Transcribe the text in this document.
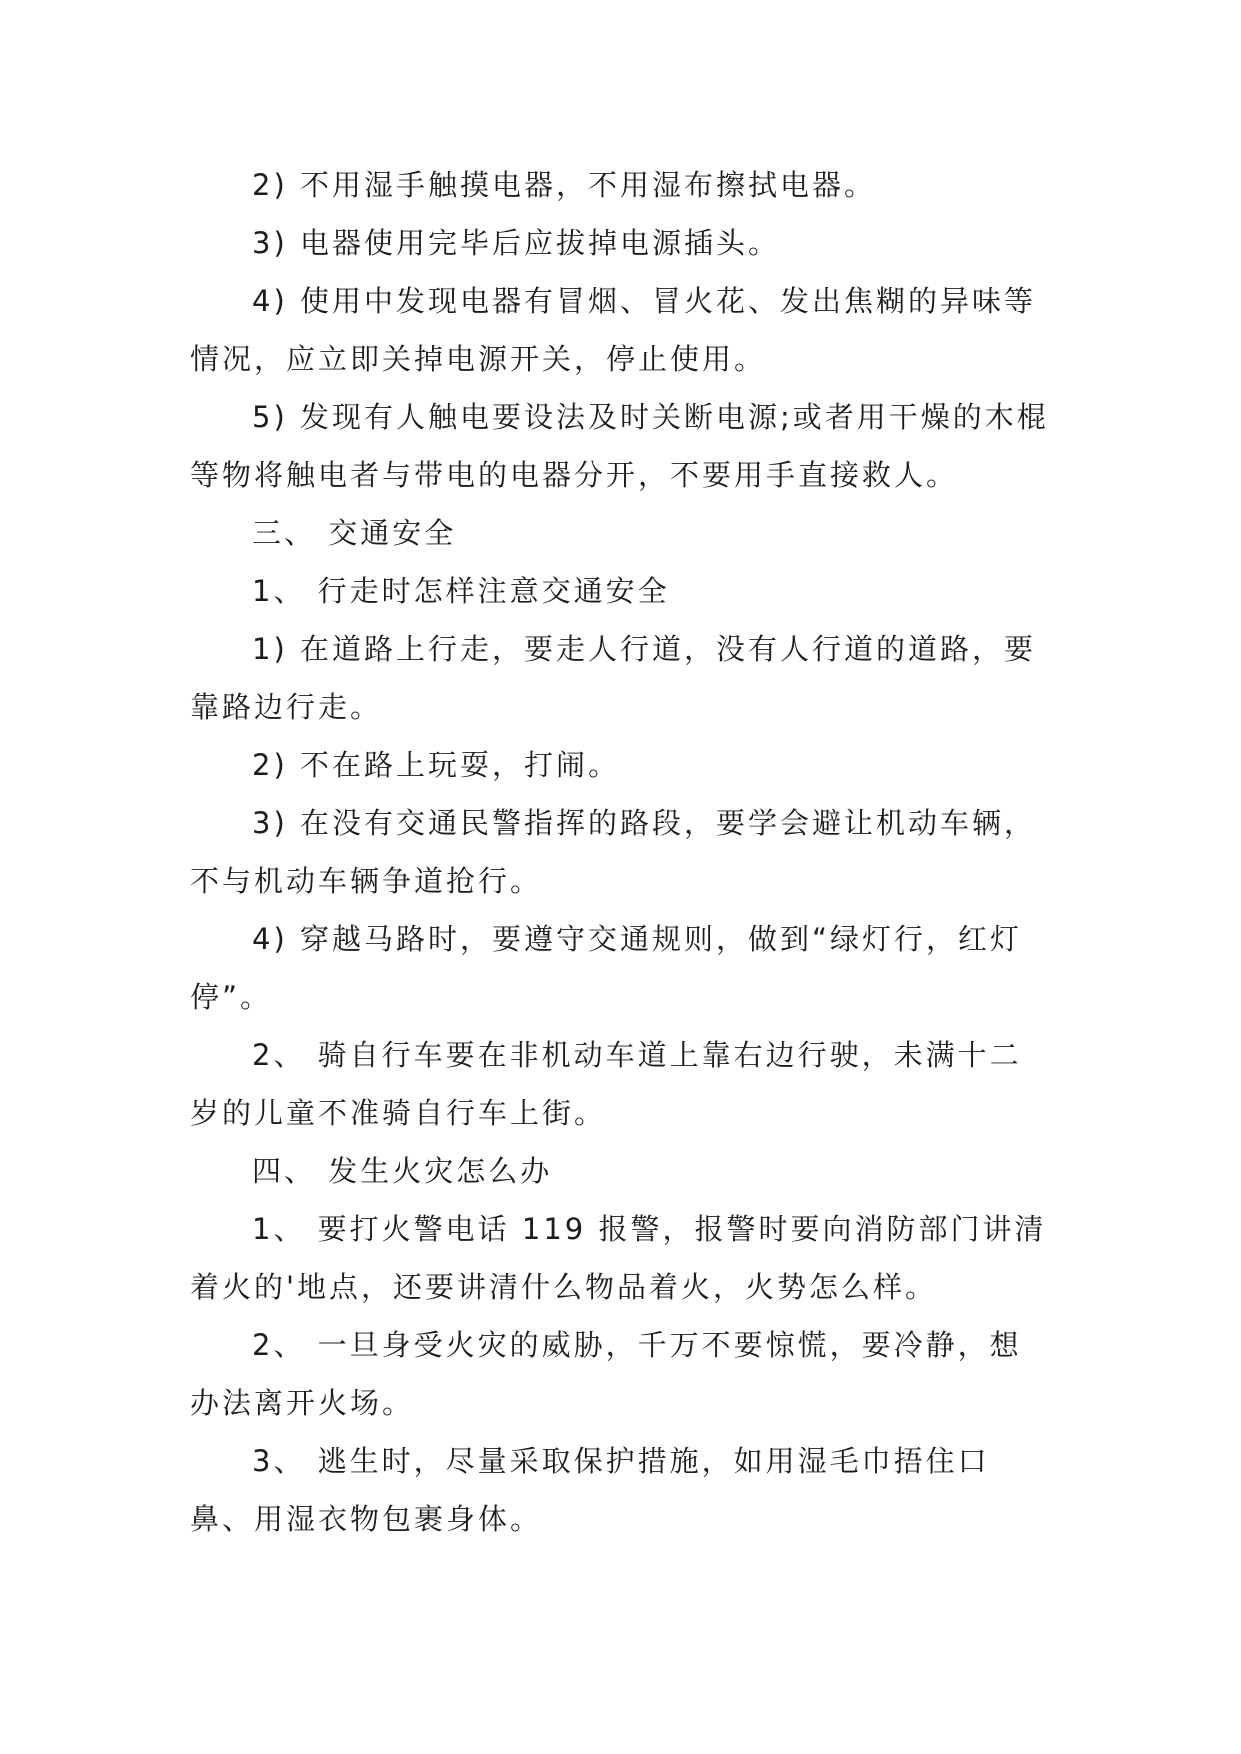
2) 不用湿手触摸电器，不用湿布擦拭电器。

3) 电器使用完毕后应拔掉电源插头。

4) 使用中发现电器有冒烟、冒火花、发出焦糊的异味等情况，应立即关掉电源开关，停止使用。

5) 发现有人触电要设法及时关断电源;或者用干燥的木棍等物将触电者与带电的电器分开，不要用手直接救人。

三、 交通安全

1、 行走时怎样注意交通安全

1) 在道路上行走，要走人行道，没有人行道的道路，要靠路边行走。

2) 不在路上玩耍，打闹。

3) 在没有交通民警指挥的路段，要学会避让机动车辆，不与机动车辆争道抢行。

4) 穿越马路时，要遵守交通规则，做到“绿灯行，红灯停”。

2、 骑自行车要在非机动车道上靠右边行驶，未满十二岁的儿童不准骑自行车上街。

四、 发生火灾怎么办

1、 要打火警电话 119 报警，报警时要向消防部门讲清着火的'地点，还要讲清什么物品着火，火势怎么样。

2、 一旦身受火灾的威胁，千万不要惊慌，要冷静，想办法离开火场。

3、 逃生时，尽量采取保护措施，如用湿毛巾捂住口鼻、用湿衣物包裹身体。
